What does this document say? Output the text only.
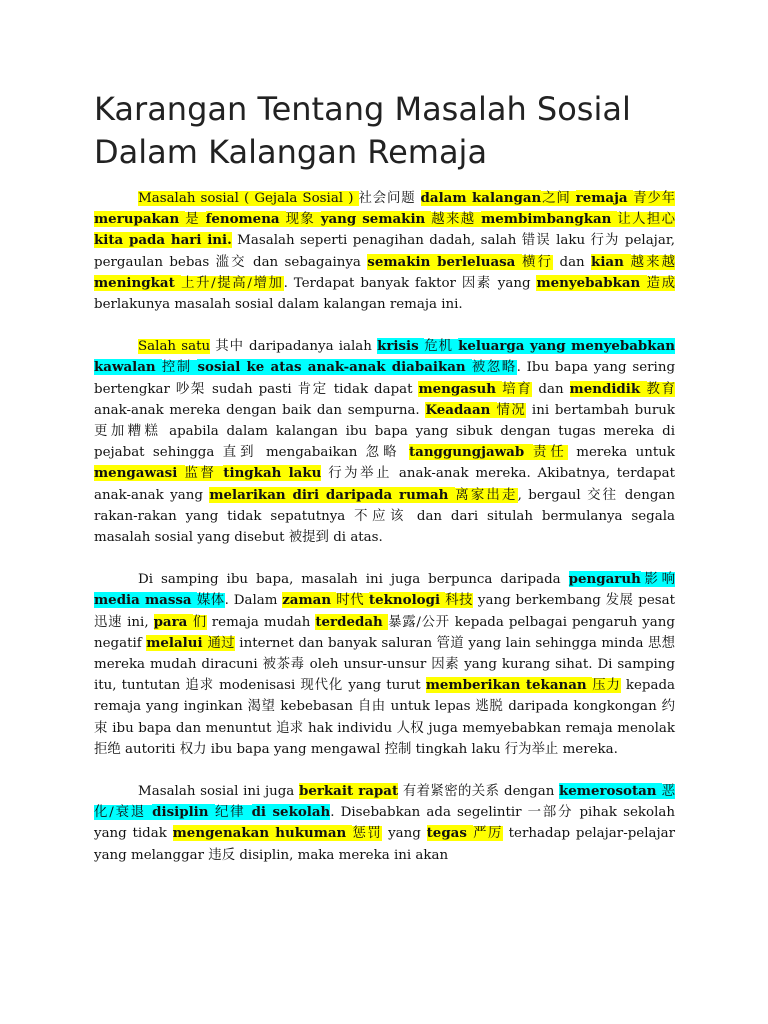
Karangan Tentang Masalah Sosial Dalam Kalangan Remaja

Masalah sosial ( Gejala Sosial ) 社会问题 dalam kalangan之间 remaja 青少年 merupakan 是 fenomena 现象 yang semakin 越来越 membimbangkan 让人担心 kita pada hari ini. Masalah seperti penagihan dadah, salah 错误 laku 行为 pelajar, pergaulan bebas 滥交 dan sebagainya semakin berleluasa 横行 dan kian 越来越 meningkat 上升/提高/增加. Terdapat banyak faktor 因素 yang menyebabkan 造成 berlakunya masalah sosial dalam kalangan remaja ini.

Salah satu 其中 daripadanya ialah krisis 危机 keluarga yang menyebabkan kawalan 控制 sosial ke atas anak-anak diabaikan 被忽略. Ibu bapa yang sering bertengkar 吵架 sudah pasti 肯定 tidak dapat mengasuh 培育 dan mendidik 教育 anak-anak mereka dengan baik dan sempurna. Keadaan 情况 ini bertambah buruk 更加糟糕 apabila dalam kalangan ibu bapa yang sibuk dengan tugas mereka di pejabat sehingga 直到 mengabaikan 忽略 tanggungjawab 责任 mereka untuk mengawasi 监督 tingkah laku 行为举止 anak-anak mereka. Akibatnya, terdapat anak-anak yang melarikan diri daripada rumah 离家出走, bergaul 交往 dengan rakan-rakan yang tidak sepatutnya 不应该 dan dari situlah bermulanya segala masalah sosial yang disebut 被提到 di atas.

Di samping ibu bapa, masalah ini juga berpunca daripada pengaruh影响 media massa 媒体. Dalam zaman 时代 teknologi 科技 yang berkembang 发展 pesat 迅速 ini, para 们 remaja mudah terdedah 暴露/公开 kepada pelbagai pengaruh yang negatif melalui 通过 internet dan banyak saluran 管道 yang lain sehingga minda 思想 mereka mudah diracuni 被茶毒 oleh unsur-unsur 因素 yang kurang sihat. Di samping itu, tuntutan 追求 modenisasi 现代化 yang turut memberikan tekanan 压力 kepada remaja yang inginkan 渴望 kebebasan 自由 untuk lepas 逃脱 daripada kongkongan 约束 ibu bapa dan menuntut 追求 hak individu 人权 juga memyebabkan remaja menolak 拒绝 autoriti 权力 ibu bapa yang mengawal 控制 tingkah laku 行为举止 mereka.

Masalah sosial ini juga berkait rapat 有着紧密的关系 dengan kemerosotan 恶化/衰退 disiplin 纪律 di sekolah. Disebabkan ada segelintir 一部分 pihak sekolah yang tidak mengenakan hukuman 惩罚 yang tegas 严厉 terhadap pelajar-pelajar yang melanggar 违反 disiplin, maka mereka ini akan
